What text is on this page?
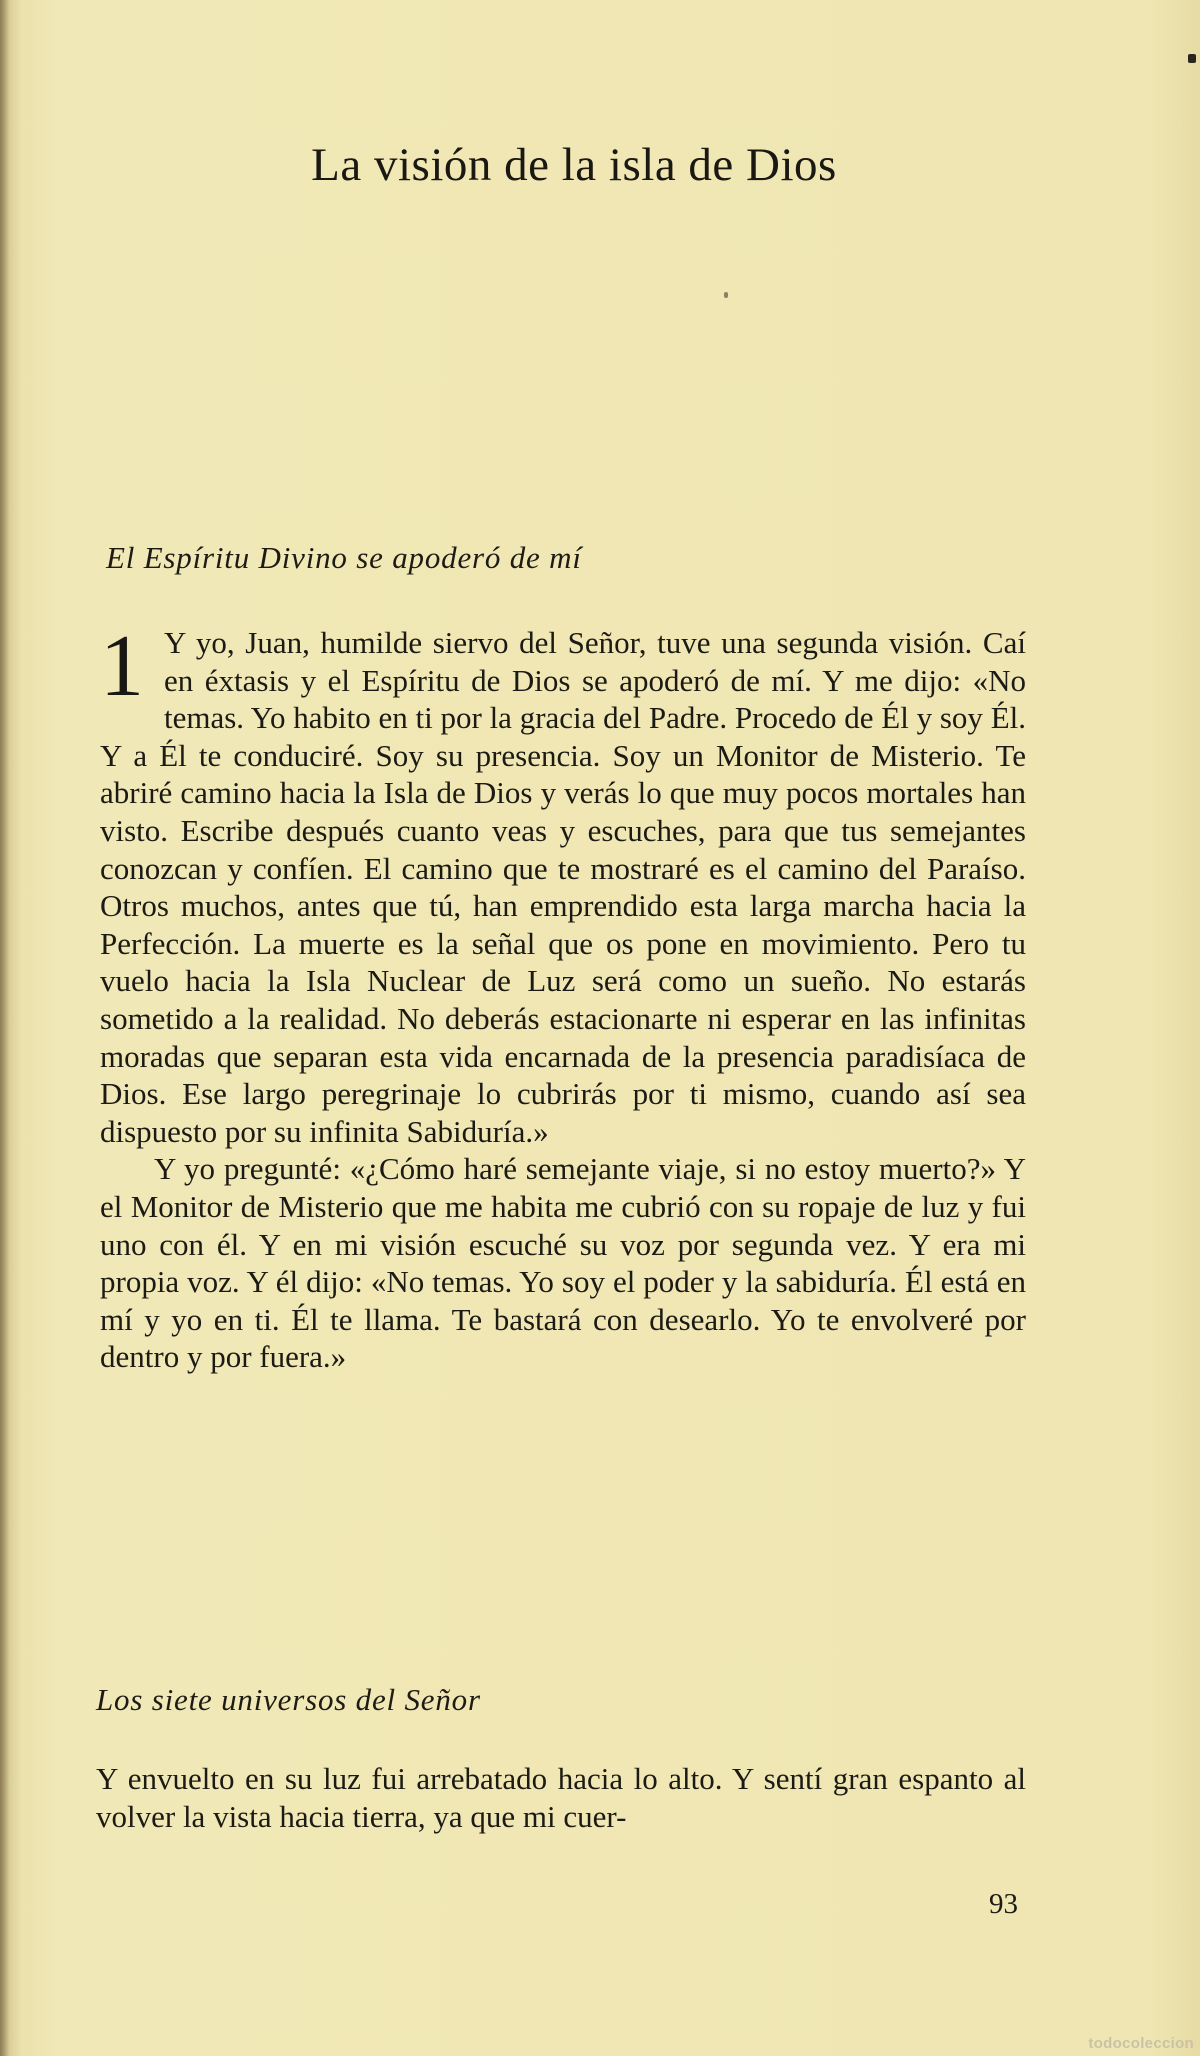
La visión de la isla de Dios
El Espíritu Divino se apoderó de mí

1 Y yo, Juan, humilde siervo del Señor, tuve una segunda visión. Caí en éxtasis y el Espíritu de Dios se apoderó de mí. Y me dijo: «No temas. Yo habito en ti por la gracia del Padre. Procedo de Él y soy Él. Y a Él te conduciré. Soy su presencia. Soy un Monitor de Misterio. Te abriré camino hacia la Isla de Dios y verás lo que muy pocos mortales han visto. Escribe después cuanto veas y escuches, para que tus semejantes conozcan y confíen. El camino que te mostraré es el camino del Paraíso. Otros muchos, antes que tú, han emprendido esta larga marcha hacia la Perfección. La muerte es la señal que os pone en movimiento. Pero tu vuelo hacia la Isla Nuclear de Luz será como un sueño. No estarás sometido a la realidad. No deberás estacionarte ni esperar en las infinitas moradas que separan esta vida encarnada de la presencia paradisíaca de Dios. Ese largo peregrinaje lo cubrirás por ti mismo, cuando así sea dispuesto por su infinita Sabiduría.»

Y yo pregunté: «¿Cómo haré semejante viaje, si no estoy muerto?» Y el Monitor de Misterio que me habita me cubrió con su ropaje de luz y fui uno con él. Y en mi visión escuché su voz por segunda vez. Y era mi propia voz. Y él dijo: «No temas. Yo soy el poder y la sabiduría. Él está en mí y yo en ti. Él te llama. Te bastará con desearlo. Yo te envolveré por dentro y por fuera.»

Los siete universos del Señor

Y envuelto en su luz fui arrebatado hacia lo alto. Y sentí gran espanto al volver la vista hacia tierra, ya que mi cuer-

93
todocoleccion
